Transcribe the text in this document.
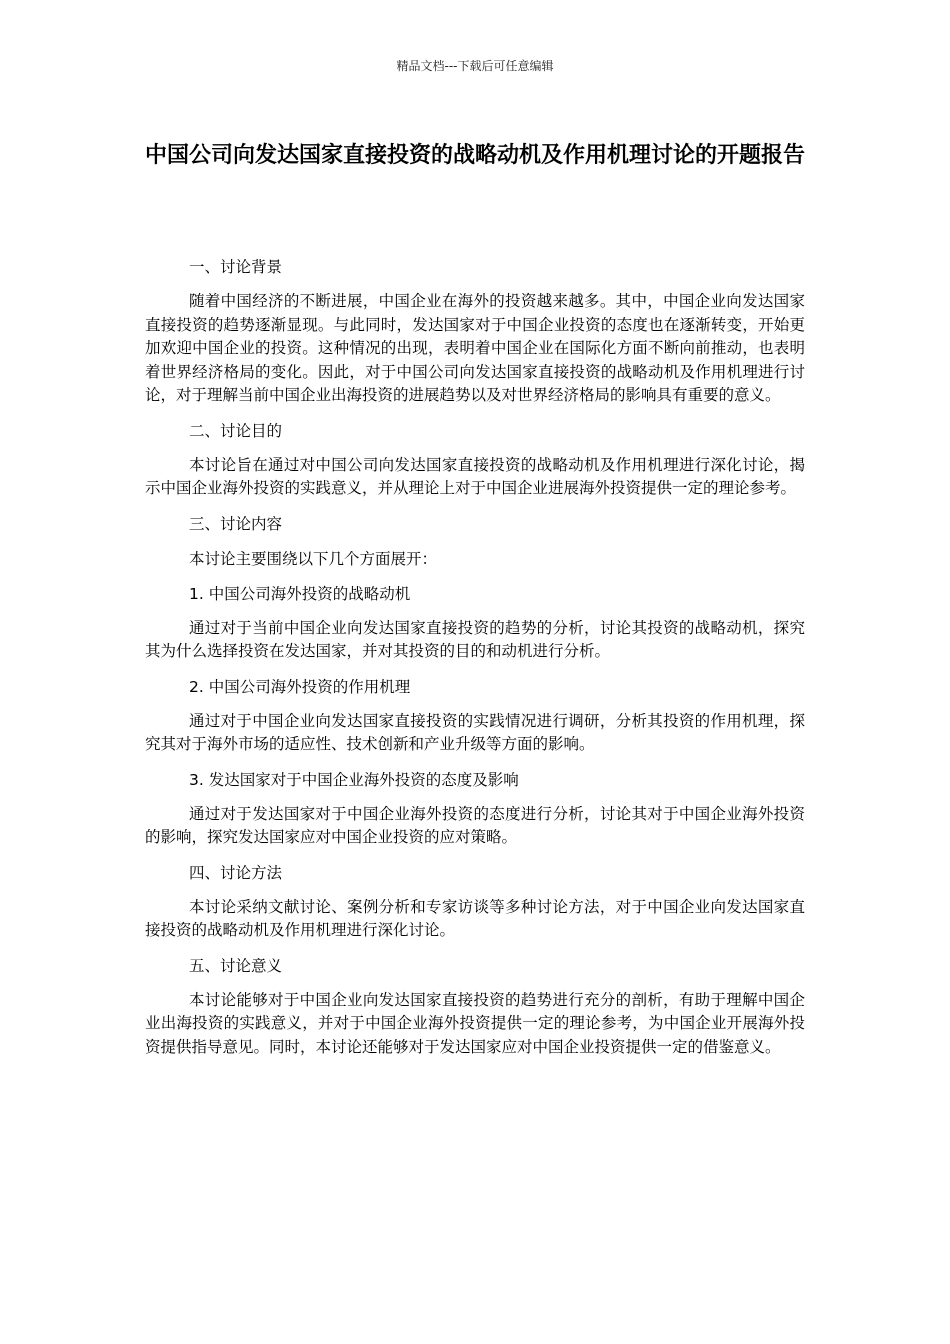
精品文档---下载后可任意编辑
中国公司向发达国家直接投资的战略动机及作用机理讨论的开题报告

一、讨论背景

随着中国经济的不断进展，中国企业在海外的投资越来越多。其中，中国企业向发达国家直接投资的趋势逐渐显现。与此同时，发达国家对于中国企业投资的态度也在逐渐转变，开始更加欢迎中国企业的投资。这种情况的出现，表明着中国企业在国际化方面不断向前推动，也表明着世界经济格局的变化。因此，对于中国公司向发达国家直接投资的战略动机及作用机理进行讨论，对于理解当前中国企业出海投资的进展趋势以及对世界经济格局的影响具有重要的意义。

二、讨论目的

本讨论旨在通过对中国公司向发达国家直接投资的战略动机及作用机理进行深化讨论，揭示中国企业海外投资的实践意义，并从理论上对于中国企业进展海外投资提供一定的理论参考。

三、讨论内容

本讨论主要围绕以下几个方面展开：

1. 中国公司海外投资的战略动机

通过对于当前中国企业向发达国家直接投资的趋势的分析，讨论其投资的战略动机，探究其为什么选择投资在发达国家，并对其投资的目的和动机进行分析。

2. 中国公司海外投资的作用机理

通过对于中国企业向发达国家直接投资的实践情况进行调研，分析其投资的作用机理，探究其对于海外市场的适应性、技术创新和产业升级等方面的影响。

3. 发达国家对于中国企业海外投资的态度及影响

通过对于发达国家对于中国企业海外投资的态度进行分析，讨论其对于中国企业海外投资的影响，探究发达国家应对中国企业投资的应对策略。

四、讨论方法

本讨论采纳文献讨论、案例分析和专家访谈等多种讨论方法，对于中国企业向发达国家直接投资的战略动机及作用机理进行深化讨论。

五、讨论意义

本讨论能够对于中国企业向发达国家直接投资的趋势进行充分的剖析，有助于理解中国企业出海投资的实践意义，并对于中国企业海外投资提供一定的理论参考，为中国企业开展海外投资提供指导意见。同时，本讨论还能够对于发达国家应对中国企业投资提供一定的借鉴意义。
